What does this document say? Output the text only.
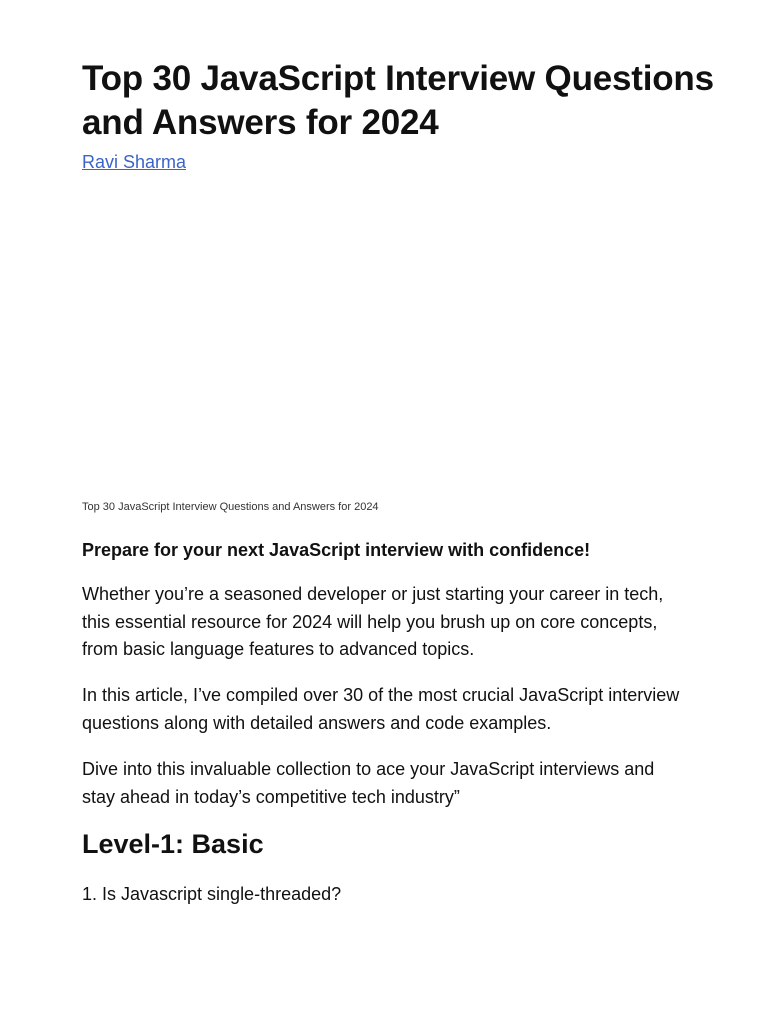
Top 30 JavaScript Interview Questions and Answers for 2024
Ravi Sharma
Top 30 JavaScript Interview Questions and Answers for 2024
Prepare for your next JavaScript interview with confidence!

Whether you’re a seasoned developer or just starting your career in tech, this essential resource for 2024 will help you brush up on core concepts, from basic language features to advanced topics.

In this article, I’ve compiled over 30 of the most crucial JavaScript interview questions along with detailed answers and code examples.

Dive into this invaluable collection to ace your JavaScript interviews and stay ahead in today’s competitive tech industry”

Level-1: Basic

1. Is Javascript single-threaded?
